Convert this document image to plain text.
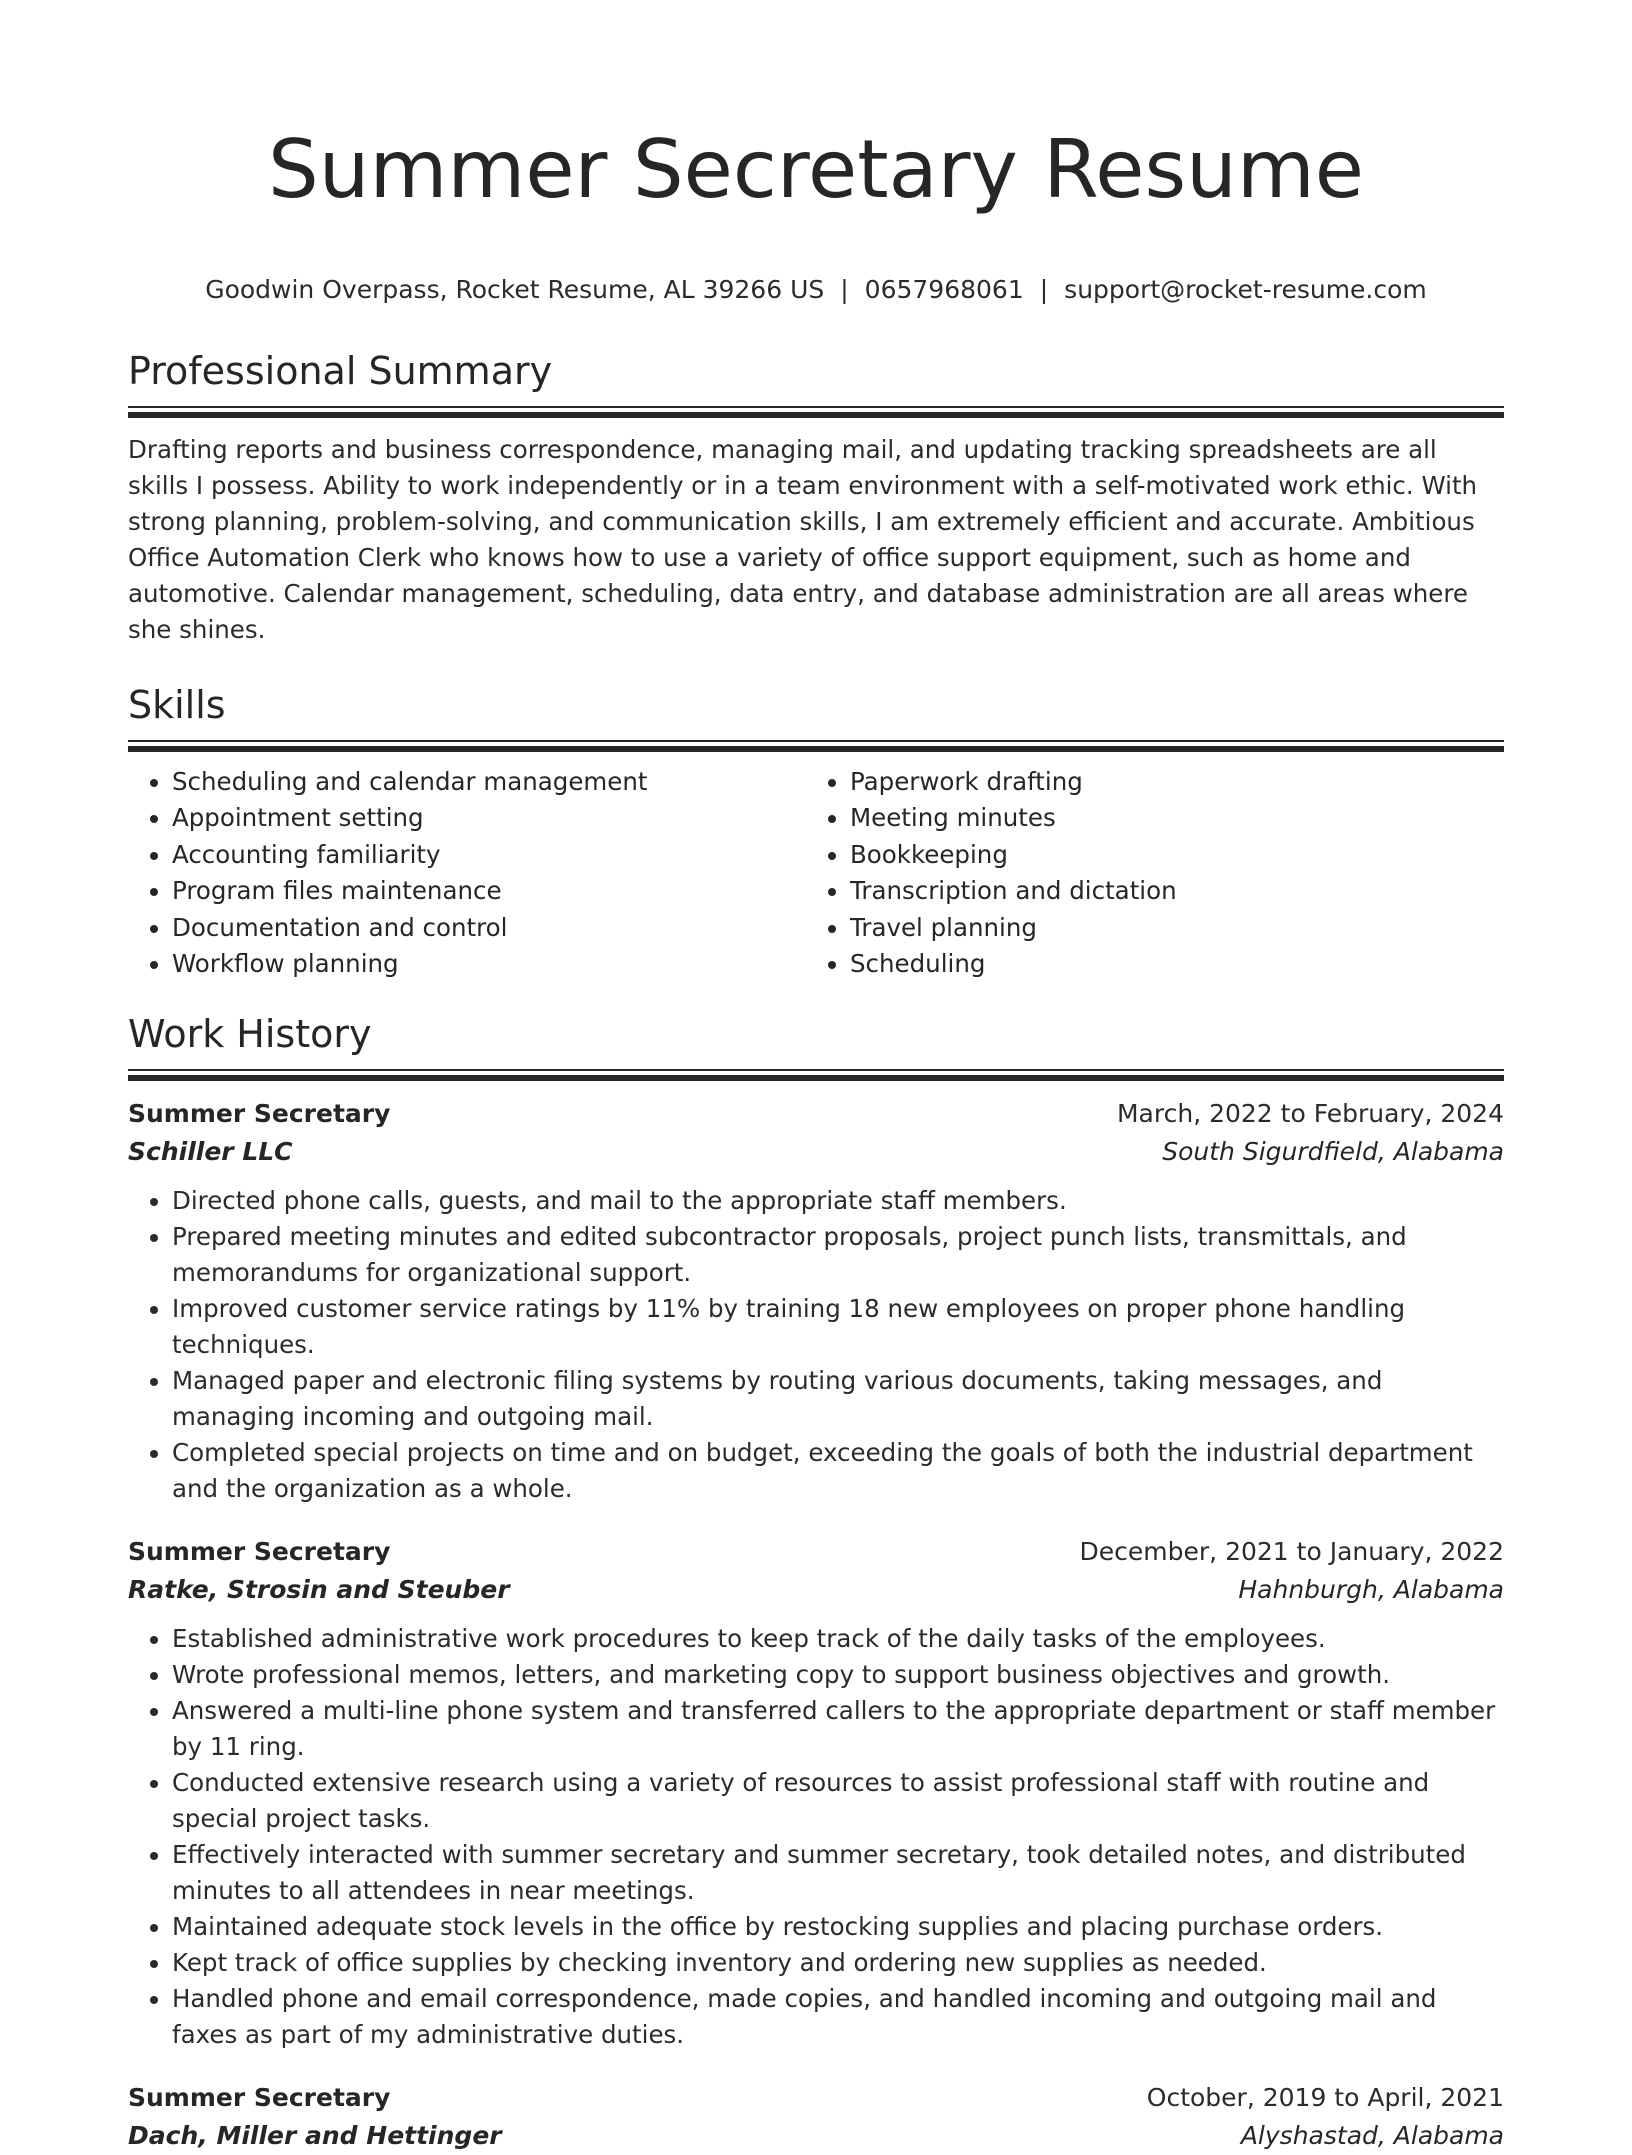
Summer Secretary Resume
Goodwin Overpass, Rocket Resume, AL 39266 US | 0657968061 | support@rocket-resume.com
Professional Summary

Drafting reports and business correspondence, managing mail, and updating tracking spreadsheets are all skills I possess. Ability to work independently or in a team environment with a self-motivated work ethic. With strong planning, problem-solving, and communication skills, I am extremely efficient and accurate. Ambitious Office Automation Clerk who knows how to use a variety of office support equipment, such as home and automotive. Calendar management, scheduling, data entry, and database administration are all areas where she shines.

Skills
• Scheduling and calendar management
• Appointment setting
• Accounting familiarity
• Program files maintenance
• Documentation and control
• Workflow planning
• Paperwork drafting
• Meeting minutes
• Bookkeeping
• Transcription and dictation
• Travel planning
• Scheduling
Work History
Summer Secretary	March, 2022 to February, 2024
Schiller LLC	South Sigurdfield, Alabama
• Directed phone calls, guests, and mail to the appropriate staff members.
• Prepared meeting minutes and edited subcontractor proposals, project punch lists, transmittals, and memorandums for organizational support.
• Improved customer service ratings by 11% by training 18 new employees on proper phone handling techniques.
• Managed paper and electronic filing systems by routing various documents, taking messages, and managing incoming and outgoing mail.
• Completed special projects on time and on budget, exceeding the goals of both the industrial department and the organization as a whole.
Summer Secretary	December, 2021 to January, 2022
Ratke, Strosin and Steuber	Hahnburgh, Alabama
• Established administrative work procedures to keep track of the daily tasks of the employees.
• Wrote professional memos, letters, and marketing copy to support business objectives and growth.
• Answered a multi-line phone system and transferred callers to the appropriate department or staff member by 11 ring.
• Conducted extensive research using a variety of resources to assist professional staff with routine and special project tasks.
• Effectively interacted with summer secretary and summer secretary, took detailed notes, and distributed minutes to all attendees in near meetings.
• Maintained adequate stock levels in the office by restocking supplies and placing purchase orders.
• Kept track of office supplies by checking inventory and ordering new supplies as needed.
• Handled phone and email correspondence, made copies, and handled incoming and outgoing mail and faxes as part of my administrative duties.
Summer Secretary	October, 2019 to April, 2021
Dach, Miller and Hettinger	Alyshastad, Alabama
